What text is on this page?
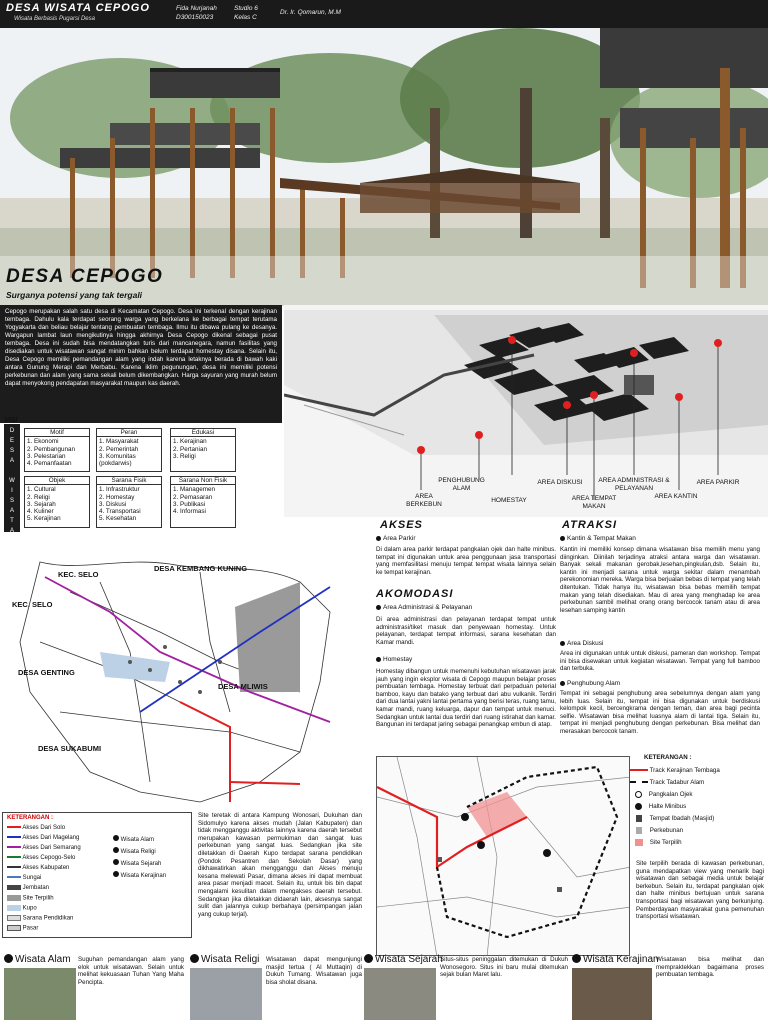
DESA WISATA CEPOGO
Wisata Berbasis Pugarsi Desa
Fida Nurjanah
D300150023
Studio 6
Kelas C
Dr. Ir. Qomarun, M.M
DESA CEPOGO
Surganya potensi yang tak tergali
Cepogo merupakan salah satu desa di Kecamatan Cepogo. Desa ini terkenal dengan kerajinan tembaga. Dahulu kala terdapat seorang warga yang berkelana ke berbagai tempat terutama Yogyakarta dan beliau belajar tentang pembuatan tembaga. Ilmu itu dibawa pulang ke desanya. Wargapun lambat laun mengikutinya hingga akhirnya Desa Cepogo dikenal sebagai pusat tembaga. Desa ini sudah bisa mendatangkan turis dari mancanegara, namun fasilitas yang disediakan untuk wisatawan sangat minim bahkan belum terdapat homestay disana. Selain itu, Desa Cepogo memiliki pemandangan alam yang indah karena letaknya berada di bawah kaki antara Gunung Merapi dan Merbabu. Karena iklim pegunungan, desa ini memiliki potensi perkebunan dan alam yang sama sekali belum dikembangkan. Harga sayuran yang murah belum dapat menyokong pendapatan masyarakat maupun kas daerah.
AREA BERKEBUN
PENGHUBUNG ALAM
HOMESTAY
AREA DISKUSI
AREA TEMPAT MAKAN
AREA ADMINISTRASI & PELAYANAN
AREA KANTIN
AREA PARKIR
VISI
D
E
S
A

W
I
S
A
T
A
Motif
1. Ekonomi
2. Pembangunan
3. Pelestarian
4. Pemanfaatan
Peran
1. Masyarakat
2. Pemerintah
3. Komunitas (pokdarwis)
Edukasi
1. Kerajinan
2. Pertanian
3. Religi
Objek
1. Cultural
2. Religi
3. Sejarah
4. Kuliner
5. Kerajinan
Sarana Fisik
1. Infrastruktur
2. Homestay
3. Diskusi
4. Transportasi
5. Kesehatan
Sarana Non Fisik
1. Managemen
2. Pemasaran
3. Publikasi
4. Informasi
AKSES
Area Parkir
Di dalam area parkir terdapat pangkalan ojek dan halte minibus. tempat ini digunakan untuk area penggunaan jasa transportasi yang memfasilitasi menuju tempat tempat wisata lainnya selain ke tempat kerajinan.
AKOMODASI
Area Administrasi & Pelayanan
Di area administrasi dan pelayanan terdapat tempat untuk administrasi/tiket masuk dan penyewaan homestay. Untuk pelayanan, terdapat tempat informasi, sarana kesehatan dan Kamar mandi.
Homestay
Homestay dibangun untuk memenuhi kebutuhan wisatawan jarak jauh yang ingin eksplor wisata di Cepogo maupun belajar proses pembuatan tembaga. Homestay terbuat dari perpaduan peterial bamboo, kayu dan batako yang terbuat dari abu vulkanik. Terdiri dari dua lantai yakni lantai pertama yang berisi teras, ruang tamu, kamar mandi, ruang keluarga, dapur dan tempat untuk menuci. Sedangkan untuk lantai dua terdiri dari ruang istirahat dan kamar. Bangunan ini terdapat jaring sebagai penangkap embun di atap.
ATRAKSI
Kantin & Tempat Makan
Kantin ini memiliki konsep dimana wisatawan bisa memilih menu yang diinginkan. Diinilah terjadinya atraksi antara warga dan wisatawan. Banyak sekali makanan gerobak,lesehan,pingkulan,dsb. Selain itu, kantin ini menjadi sarana untuk warga sekitar dalam menambah perekonomian mereka. Warga bisa berjualan bebas di tempat yang telah ditentukan. Tidak hanya itu, wisatawan bisa bebas memilih tempat makan yang telah disediakan. Mau di area yang menghadap ke area perkebunan sambil melihat orang orang bercocok tanam atau di area lesehan samping kantin
Area Diskusi
Area ini digunakan untuk untuk diskusi, pameran dan workshop. Tempat ini bisa disewakan untuk kegiatan wisatawan. Tempat yang full bamboo dan terbuka.
Penghubung Alam
Tempat ini sebagai penghubung area sebelumnya dengan alam yang lebih luas. Selain itu, tempat ini bisa digunakan untuk berdiskusi kelompok kecil, bercengkrama dengan teman, dan area bagi pecinta selfie. Wisatawan bisa melihat luasnya alam di lantai tiga. Selain itu, tempat ini menjadi penghubung dengan perkebunan. Bisa melihat dan merasakan bercocok tanam.
KEC. SELO
DESA KEMBANG KUNING
KEC. SELO
DESA GENTING
DESA MLIWIS
DESA SUKABUMI
KETERANGAN :
Akses Dari Solo
Akses Dari Magelang
Akses Dari Semarang
Akses Cepogo-Selo
Akses Kabupaten
Sungai
Jembatan
Site Terpilih
Kupo
Sarana Pendidikan
Pasar
Wisata Alam
Wisata Religi
Wisata Sejarah
Wisata Kerajinan
Site teretak di antara Kampung Wonosari, Dukuhan dan Sidomulyo karena akses mudah (Jalan Kabupaten) dan tidak mengganggu aktivitas lainnya karena daerah tersebut merupakan kawasan permukiman dan sangat luas perkebunan yang sangat luas. Sedangkan jika site diletakkan di Daerah Kupo terdapat sarana pendidikan (Pondok Pesantren dan Sekolah Dasar) yang dikhawatirkan akan mengganggu dan Akses menuju kesana melewati Pasar, dimana akses ini dapat membuat area pasar menjadi macet. Selain itu, untuk bis bin dapat mengalami kesulitan dalam mengakses daerah tersebut. Sedangkan jika diletakkan didaerah lain, aksesnya sangat sulit dan jalannya cukup berbahaya (persimpangan jalan yang cukup terjal).
KETERANGAN :
Track Kerajinan Tembaga
Track Tadabur Alam
Pangkalan Ojek
Halte Minibus
Tempat Ibadah (Masjid)
Perkebunan
Site Terpilih
Site terpilih berada di kawasan perkebunan, guna mendapatkan view yang menarik bagi wisatawan dan sebagai media untuk belajar berkebun. Selain itu, terdapat pangkalan ojek dan halte minibus bertujuan untuk sarana transportasi bagi wisatawan yang berkunjung. Pemberdayaan masyarakat guna pemenuhan transportasi wisatawan.
Wisata Alam Suguhan pemandangan alam yang elok untuk wisatawan. Selain untuk melihat kekuasaan Tuhan Yang Maha Pencipta.
Wisata Religi Wisatawan dapat mengunjungi masjid tertua ( Al Muttaqin) di Dukuh Tumang. Wisatawan juga bisa sholat disana.
Wisata Sejarah
Situs-situs peninggalan ditemukan di Dukuh Wonosegoro. Situs ini baru mulai ditemukan sejak bulan Maret lalu.
Wisata Kerajinan
Wisatawan bisa melihat dan mempraktekkan bagaimana proses pembuatan tembaga.
